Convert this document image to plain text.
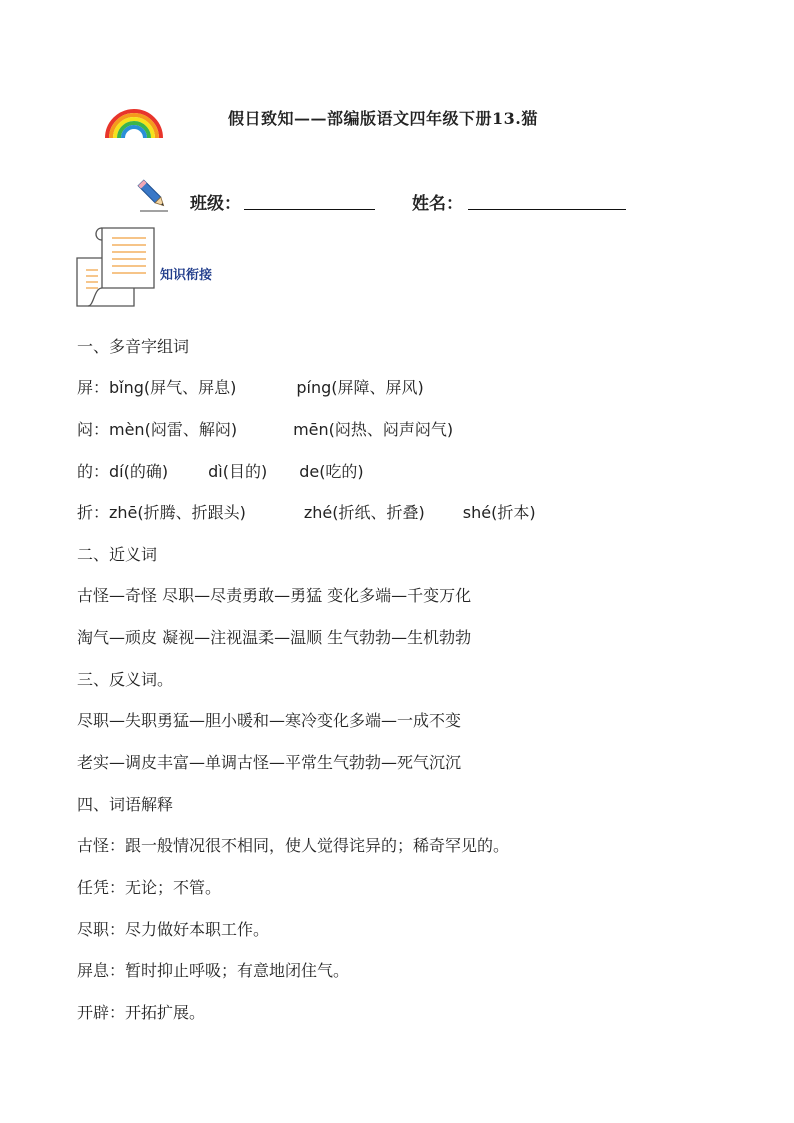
假日致知——部编版语文四年级下册13.猫
班级：	姓名：
知识衔接
一、多音字组词
屏：bǐng(屏气、屏息)	píng(屏障、屏风)
闷：mèn(闷雷、解闷)	mēn(闷热、闷声闷气)
的：dí(的确)	dì(目的) de(吃的)
折：zhē(折腾、折跟头)	zhé(折纸、折叠) shé(折本)
二、近义词
古怪—奇怪 尽职—尽责勇敢—勇猛 变化多端—千变万化
淘气—顽皮 凝视—注视温柔—温顺 生气勃勃—生机勃勃
三、反义词。
尽职—失职勇猛—胆小暖和—寒冷变化多端—一成不变
老实—调皮丰富—单调古怪—平常生气勃勃—死气沉沉
四、词语解释
古怪：跟一般情况很不相同，使人觉得诧异的；稀奇罕见的。
任凭：无论；不管。
尽职：尽力做好本职工作。
屏息：暂时抑止呼吸；有意地闭住气。
开辟：开拓扩展。
